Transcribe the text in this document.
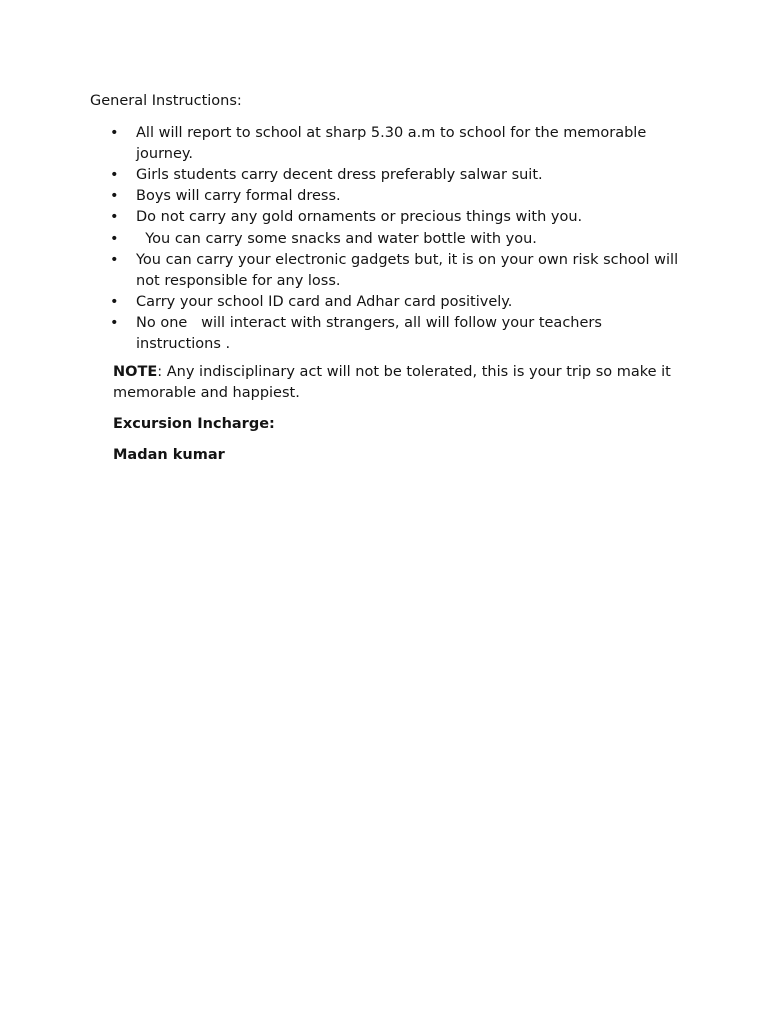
General Instructions:

• All will report to school at sharp 5.30 a.m to school for the memorable journey.
• Girls students carry decent dress preferably salwar suit.
• Boys will carry formal dress.
• Do not carry any gold ornaments or precious things with you.
• You can carry some snacks and water bottle with you.
• You can carry your electronic gadgets but, it is on your own risk school will not responsible for any loss.
• Carry your school ID card and Adhar card positively.
• No one   will interact with strangers, all will follow your teachers instructions .

NOTE: Any indisciplinary act will not be tolerated, this is your trip so make it memorable and happiest.

Excursion Incharge:

Madan kumar
